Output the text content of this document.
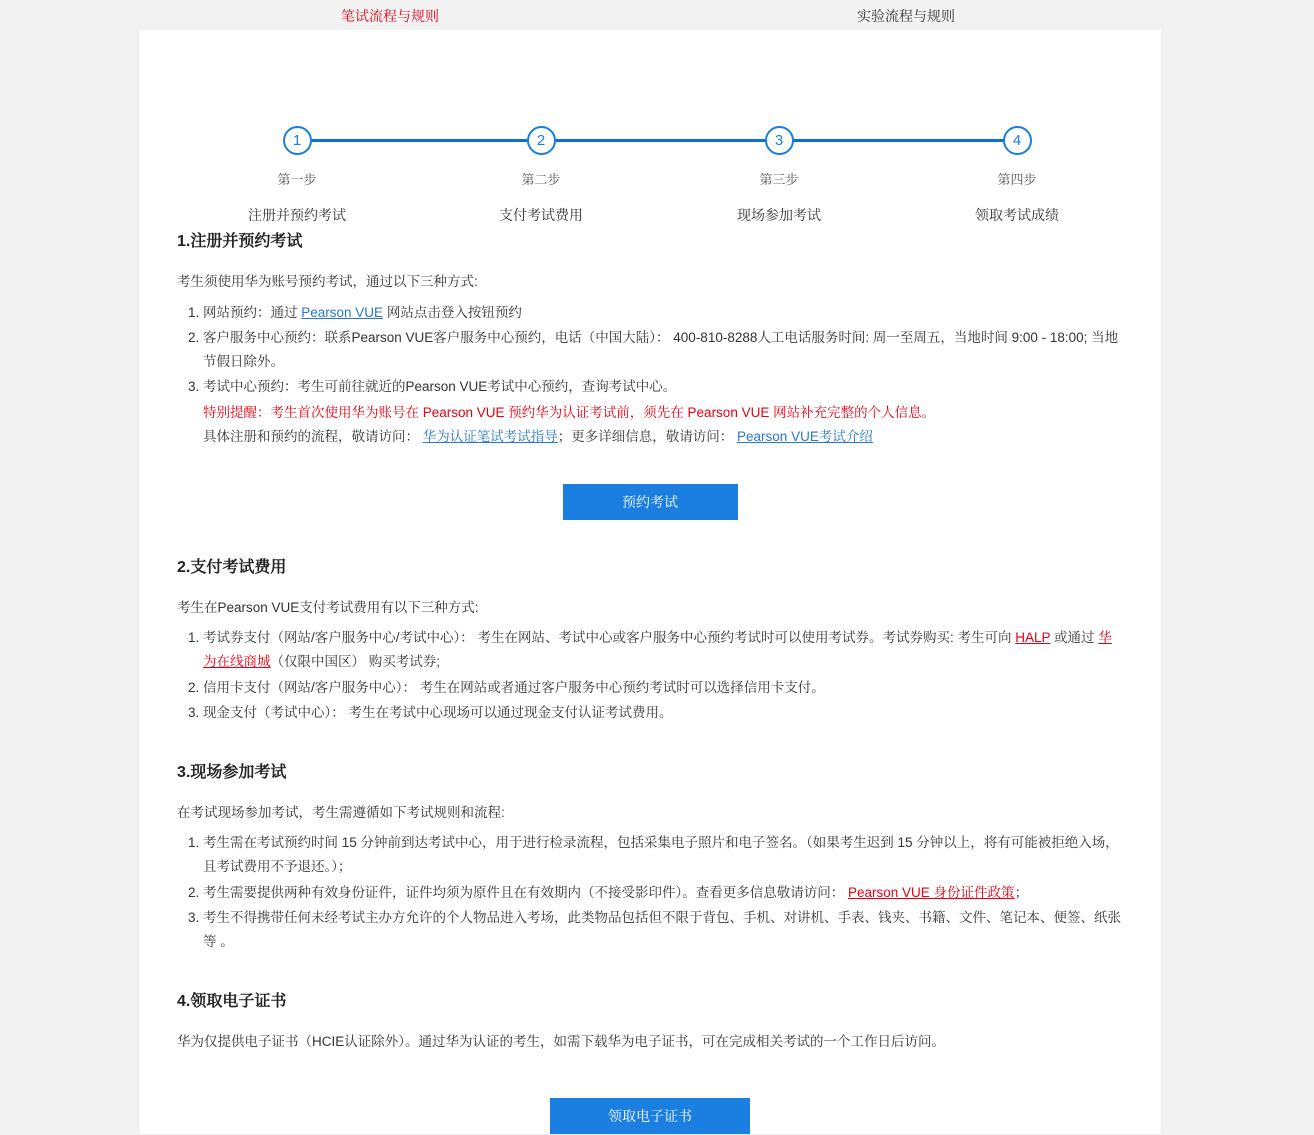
笔试流程与规则	实验流程与规则
1
第一步
注册并预约考试
2
第二步
支付考试费用
3
第三步
现场参加考试
4
第四步
领取考试成绩
1.注册并预约考试

考生须使用华为账号预约考试，通过以下三种方式:

1. 网站预约：通过 Pearson VUE 网站点击登入按钮预约
2. 客户服务中心预约：联系Pearson VUE客户服务中心预约，电话（中国大陆）： 400-810-8288人工电话服务时间: 周一至周五，当地时间 9:00 - 18:00; 当地节假日除外。
3. 考试中心预约：考生可前往就近的Pearson VUE考试中心预约，查询考试中心。
特别提醒：考生首次使用华为账号在 Pearson VUE 预约华为认证考试前，须先在 Pearson VUE 网站补充完整的个人信息。
具体注册和预约的流程，敬请访问： 华为认证笔试考试指导；更多详细信息，敬请访问： Pearson VUE考试介绍
预约考试
2.支付考试费用

考生在Pearson VUE支付考试费用有以下三种方式:

1. 考试券支付（网站/客户服务中心/考试中心）： 考生在网站、考试中心或客户服务中心预约考试时可以使用考试券。考试券购买: 考生可向 HALP 或通过 华为在线商城（仅限中国区） 购买考试券;
2. 信用卡支付（网站/客户服务中心）： 考生在网站或者通过客户服务中心预约考试时可以选择信用卡支付。
3. 现金支付（考试中心）： 考生在考试中心现场可以通过现金支付认证考试费用。
3.现场参加考试

在考试现场参加考试，考生需遵循如下考试规则和流程:

1. 考生需在考试预约时间 15 分钟前到达考试中心，用于进行检录流程，包括采集电子照片和电子签名。（如果考生迟到 15 分钟以上，将有可能被拒绝入场，且考试费用不予退还。）；
2. 考生需要提供两种有效身份证件，证件均须为原件且在有效期内（不接受影印件）。查看更多信息敬请访问： Pearson VUE 身份证件政策；
3. 考生不得携带任何未经考试主办方允许的个人物品进入考场，此类物品包括但不限于背包、手机、对讲机、手表、钱夹、书籍、文件、笔记本、便签、纸张等 。
4.领取电子证书

华为仅提供电子证书（HCIE认证除外）。通过华为认证的考生，如需下载华为电子证书，可在完成相关考试的一个工作日后访问。

领取电子证书
